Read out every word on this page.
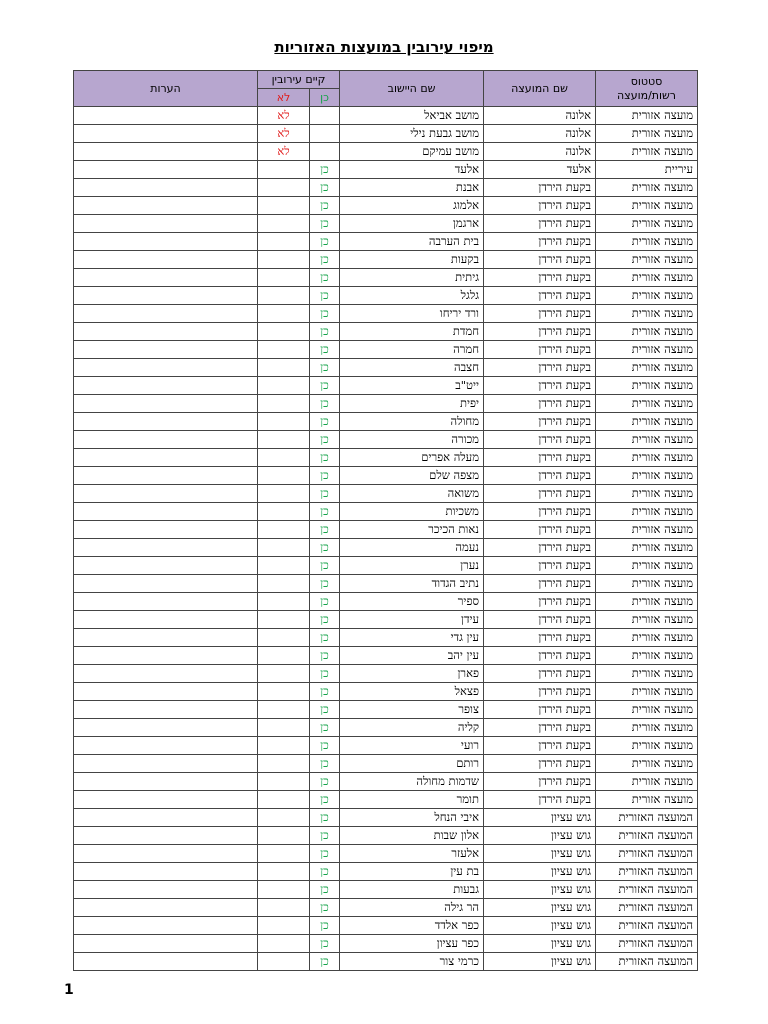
מיפוי עירובין במועצות האזוריות
סטטוס
רשות/מועצה	שם המועצה	שם היישוב	קיים עירובין		הערות
			כן	לא	
מועצה אזורית	אלונה	מושב אביאל		לא	
מועצה אזורית	אלונה	מושב גבעת נילי		לא	
מועצה אזורית	אלונה	מושב עמיקם		לא	
עיריית	אלעד	אלעד	כן		
מועצה אזורית	בקעת הירדן	אבנת	כן		
מועצה אזורית	בקעת הירדן	אלמוג	כן		
מועצה אזורית	בקעת הירדן	ארגמן	כן		
מועצה אזורית	בקעת הירדן	בית הערבה	כן		
מועצה אזורית	בקעת הירדן	בקעות	כן		
מועצה אזורית	בקעת הירדן	גיתית	כן		
מועצה אזורית	בקעת הירדן	גלגל	כן		
מועצה אזורית	בקעת הירדן	ורד יריחו	כן		
מועצה אזורית	בקעת הירדן	חמדת	כן		
מועצה אזורית	בקעת הירדן	חמרה	כן		
מועצה אזורית	בקעת הירדן	חצבה	כן		
מועצה אזורית	בקעת הירדן	ייט"ב	כן		
מועצה אזורית	בקעת הירדן	יפית	כן		
מועצה אזורית	בקעת הירדן	מחולה	כן		
מועצה אזורית	בקעת הירדן	מכורה	כן		
מועצה אזורית	בקעת הירדן	מעלה אפרים	כן		
מועצה אזורית	בקעת הירדן	מצפה שלם	כן		
מועצה אזורית	בקעת הירדן	משואה	כן		
מועצה אזורית	בקעת הירדן	משכיות	כן		
מועצה אזורית	בקעת הירדן	נאות הכיכר	כן		
מועצה אזורית	בקעת הירדן	נעמה	כן		
מועצה אזורית	בקעת הירדן	נערן	כן		
מועצה אזורית	בקעת הירדן	נתיב הגדוד	כן		
מועצה אזורית	בקעת הירדן	ספיר	כן		
מועצה אזורית	בקעת הירדן	עידן	כן		
מועצה אזורית	בקעת הירדן	עין גדי	כן		
מועצה אזורית	בקעת הירדן	עין יהב	כן		
מועצה אזורית	בקעת הירדן	פארן	כן		
מועצה אזורית	בקעת הירדן	פצאל	כן		
מועצה אזורית	בקעת הירדן	צופר	כן		
מועצה אזורית	בקעת הירדן	קליה	כן		
מועצה אזורית	בקעת הירדן	רועי	כן		
מועצה אזורית	בקעת הירדן	רותם	כן		
מועצה אזורית	בקעת הירדן	שדמות מחולה	כן		
מועצה אזורית	בקעת הירדן	תומר	כן		
המועצה האזורית	גוש עציון	איבי הנחל	כן		
המועצה האזורית	גוש עציון	אלון שבות	כן		
המועצה האזורית	גוש עציון	אלעזר	כן		
המועצה האזורית	גוש עציון	בת עין	כן		
המועצה האזורית	גוש עציון	גבעות	כן		
המועצה האזורית	גוש עציון	הר גילה	כן		
המועצה האזורית	גוש עציון	כפר אלדד	כן		
המועצה האזורית	גוש עציון	כפר עציון	כן		
המועצה האזורית	גוש עציון	כרמי צור	כן		
1
